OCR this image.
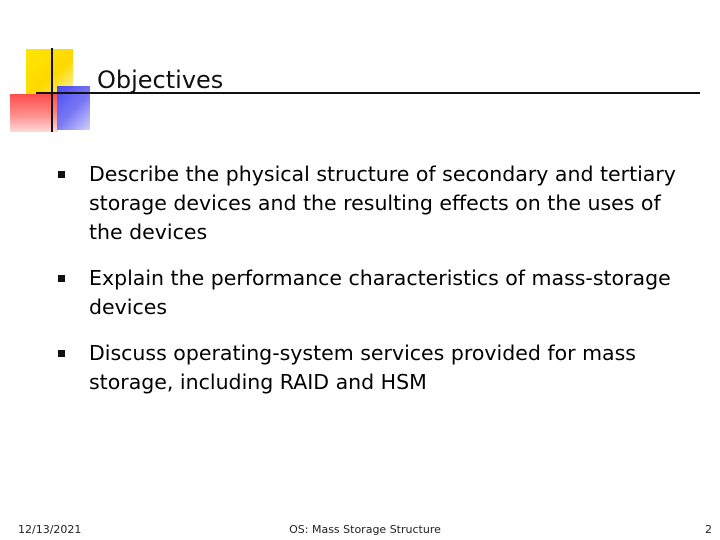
Objectives
Describe the physical structure of secondary and tertiary storage devices and the resulting effects on the uses of the devices
Explain the performance characteristics of mass-storage devices
Discuss operating-system services provided for mass storage, including RAID and HSM
12/13/2021	OS: Mass Storage Structure	2
